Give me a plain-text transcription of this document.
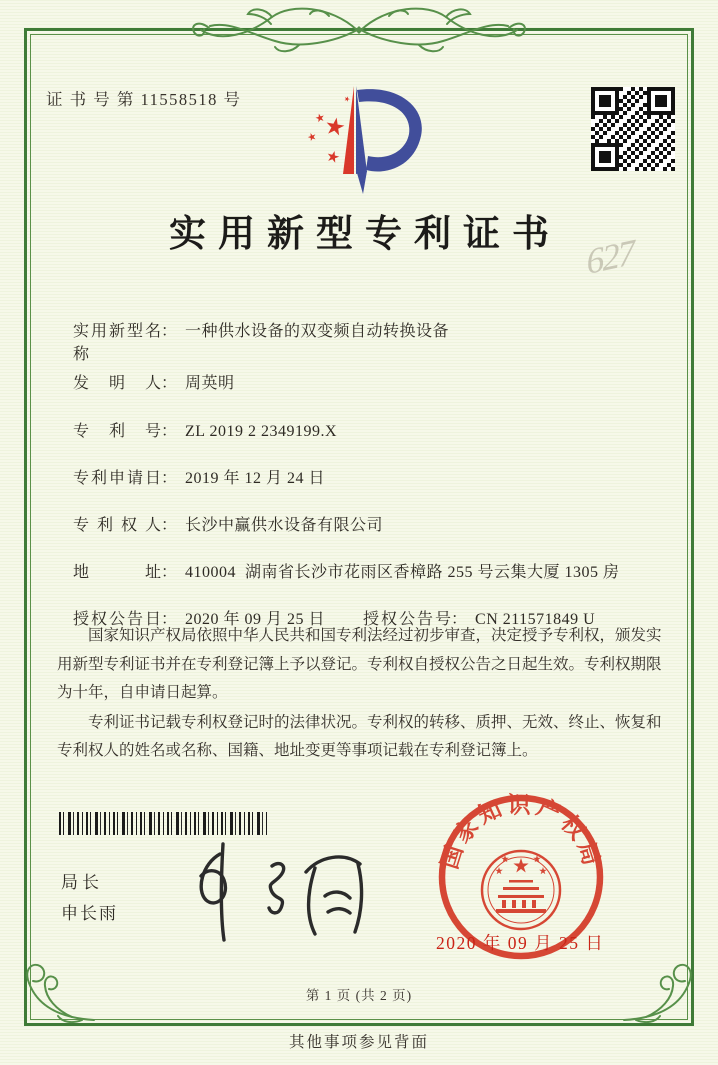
证 书 号 第 11558518 号
实用新型专利证书 627

实用新型名称： 一种供水设备的双变频自动转换设备

发明人： 周英明

专利号： ZL 2019 2 2349199.X

专利申请日： 2019 年 12 月 24 日

专利权人： 长沙中赢供水设备有限公司

地址： 410004  湖南省长沙市花雨区香樟路 255 号云集大厦 1305 房

授权公告日： 2020 年 09 月 25 日 授权公告号： CN 211571849 U

国家知识产权局依照中华人民共和国专利法经过初步审查，决定授予专利权，颁发实用新型专利证书并在专利登记簿上予以登记。专利权自授权公告之日起生效。专利权期限为十年，自申请日起算。

专利证书记载专利权登记时的法律状况。专利权的转移、质押、无效、终止、恢复和专利权人的姓名或名称、国籍、地址变更等事项记载在专利登记簿上。

局长
申长雨
国家知识产权局
2020 年 09 月 25 日
第 1 页 (共 2 页)
其他事项参见背面
